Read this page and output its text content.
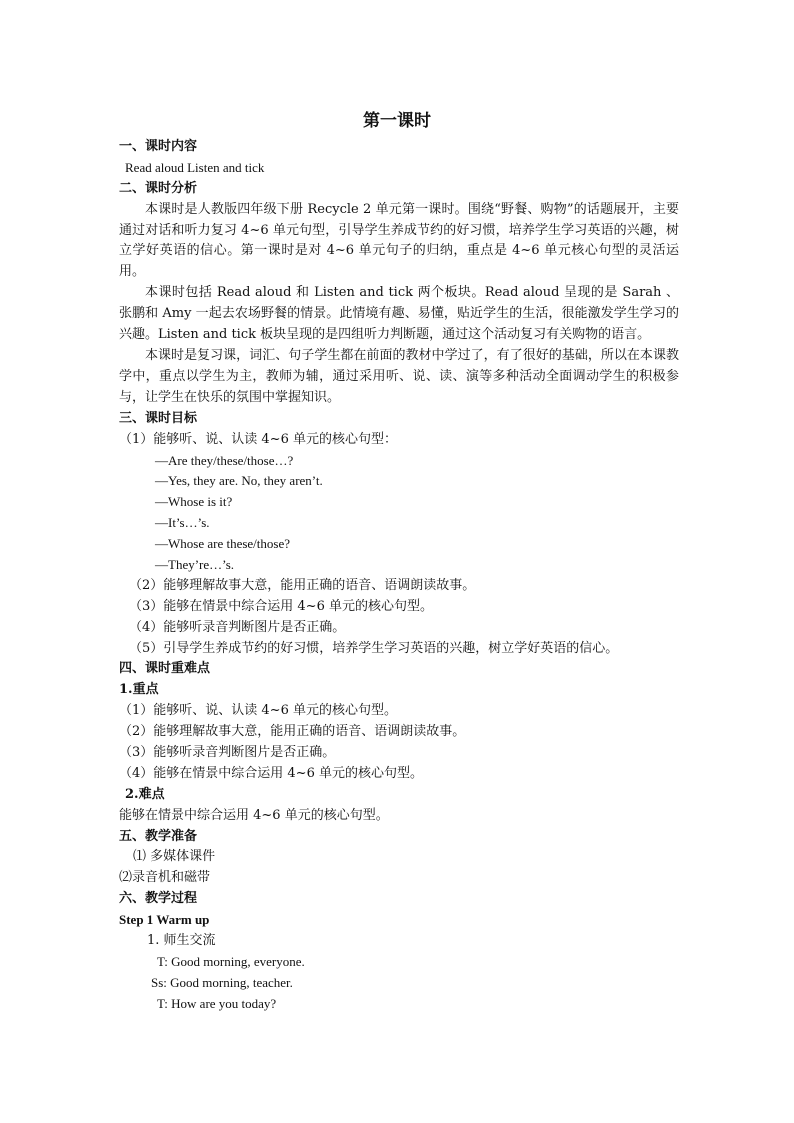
第一课时
一、课时内容
Read aloud Listen and tick
二、课时分析
本课时是人教版四年级下册 Recycle 2 单元第一课时。围绕“野餐、购物”的话题展开，主要通过对话和听力复习 4~6 单元句型，引导学生养成节约的好习惯，培养学生学习英语的兴趣，树立学好英语的信心。第一课时是对 4~6 单元句子的归纳，重点是 4~6 单元核心句型的灵活运用。
本课时包括 Read aloud 和 Listen and tick 两个板块。Read aloud 呈现的是 Sarah 、张鹏和 Amy 一起去农场野餐的情景。此情境有趣、易懂，贴近学生的生活，很能激发学生学习的兴趣。Listen and tick 板块呈现的是四组听力判断题，通过这个活动复习有关购物的语言。
本课时是复习课，词汇、句子学生都在前面的教材中学过了，有了很好的基础，所以在本课教学中，重点以学生为主，教师为辅，通过采用听、说、读、演等多种活动全面调动学生的积极参与，让学生在快乐的氛围中掌握知识。
三、课时目标
（1）能够听、说、认读 4~6 单元的核心句型：
—Are they/these/those…?
—Yes, they are. No, they aren’t.
—Whose is it?
—It’s…’s.
—Whose are these/those?
—They’re…’s.
（2）能够理解故事大意，能用正确的语音、语调朗读故事。
（3）能够在情景中综合运用 4~6 单元的核心句型。
（4）能够听录音判断图片是否正确。
（5）引导学生养成节约的好习惯，培养学生学习英语的兴趣，树立学好英语的信心。
四、课时重难点
1.重点
（1）能够听、说、认读 4~6 单元的核心句型。
（2）能够理解故事大意，能用正确的语音、语调朗读故事。
（3）能够听录音判断图片是否正确。
（4）能够在情景中综合运用 4~6 单元的核心句型。
2.难点
能够在情景中综合运用 4~6 单元的核心句型。
五、教学准备
⑴ 多媒体课件
⑵录音机和磁带
六、教学过程
Step 1 Warm up
1. 师生交流
T: Good morning, everyone.
Ss: Good morning, teacher.
T: How are you today?
